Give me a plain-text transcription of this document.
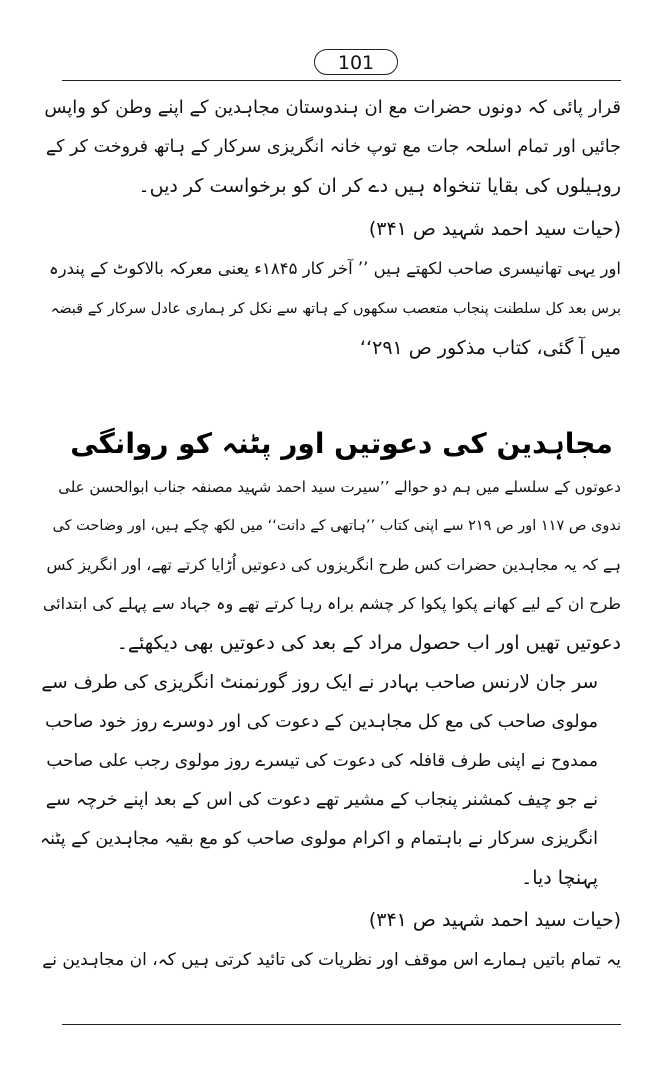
101
قرار پائی کہ دونوں حضرات مع ان ہندوستان مجاہدین کے اپنے وطن کو واپس
جائیں اور تمام اسلحہ جات مع توپ خانہ انگریزی سرکار کے ہاتھ فروخت کر کے
روہیلوں کی بقایا تنخواہ ہیں دے کر ان کو برخواست کر دیں۔
(حیات سید احمد شہید ص ۳۴۱)
اور یہی تھانیسری صاحب لکھتے ہیں ’’ آخر کار ۱۸۴۵ء یعنی معرکہ بالاکوٹ کے پندرہ
برس بعد کل سلطنت پنجاب متعصب سکھوں کے ہاتھ سے نکل کر ہماری عادل سرکار کے قبضہ
میں آ گئی، کتاب مذکور ص ۲۹۱‘‘
مجاہدین کی دعوتیں اور پٹنہ کو روانگی
دعوتوں کے سلسلے میں ہم دو حوالے ’’سیرت سید احمد شہید مصنفہ جناب ابوالحسن علی
ندوی ص ۱۱۷ اور ص ۲۱۹ سے اپنی کتاب ’’ہاتھی کے دانت‘‘ میں لکھ چکے ہیں، اور وضاحت کی
ہے کہ یہ مجاہدین حضرات کس طرح انگریزوں کی دعوتیں اُڑایا کرتے تھے، اور انگریز کس
طرح ان کے لیے کھانے پکوا پکوا کر چشم براہ رہا کرتے تھے وہ جہاد سے پہلے کی ابتدائی
دعوتیں تھیں اور اب حصول مراد کے بعد کی دعوتیں بھی دیکھئے۔
سر جان لارنس صاحب بہادر نے ایک روز گورنمنٹ انگریزی کی طرف سے
مولوی صاحب کی مع کل مجاہدین کے دعوت کی اور دوسرے روز خود صاحب
ممدوح نے اپنی طرف قافلہ کی دعوت کی تیسرے روز مولوی رجب علی صاحب
نے جو چیف کمشنر پنجاب کے مشیر تھے دعوت کی اس کے بعد اپنے خرچہ سے
انگریزی سرکار نے باہتمام و اکرام مولوی صاحب کو مع بقیہ مجاہدین کے پٹنہ
پہنچا دیا۔
(حیات سید احمد شہید ص ۳۴۱)
یہ تمام باتیں ہمارے اس موقف اور نظریات کی تائید کرتی ہیں کہ، ان مجاہدین نے
